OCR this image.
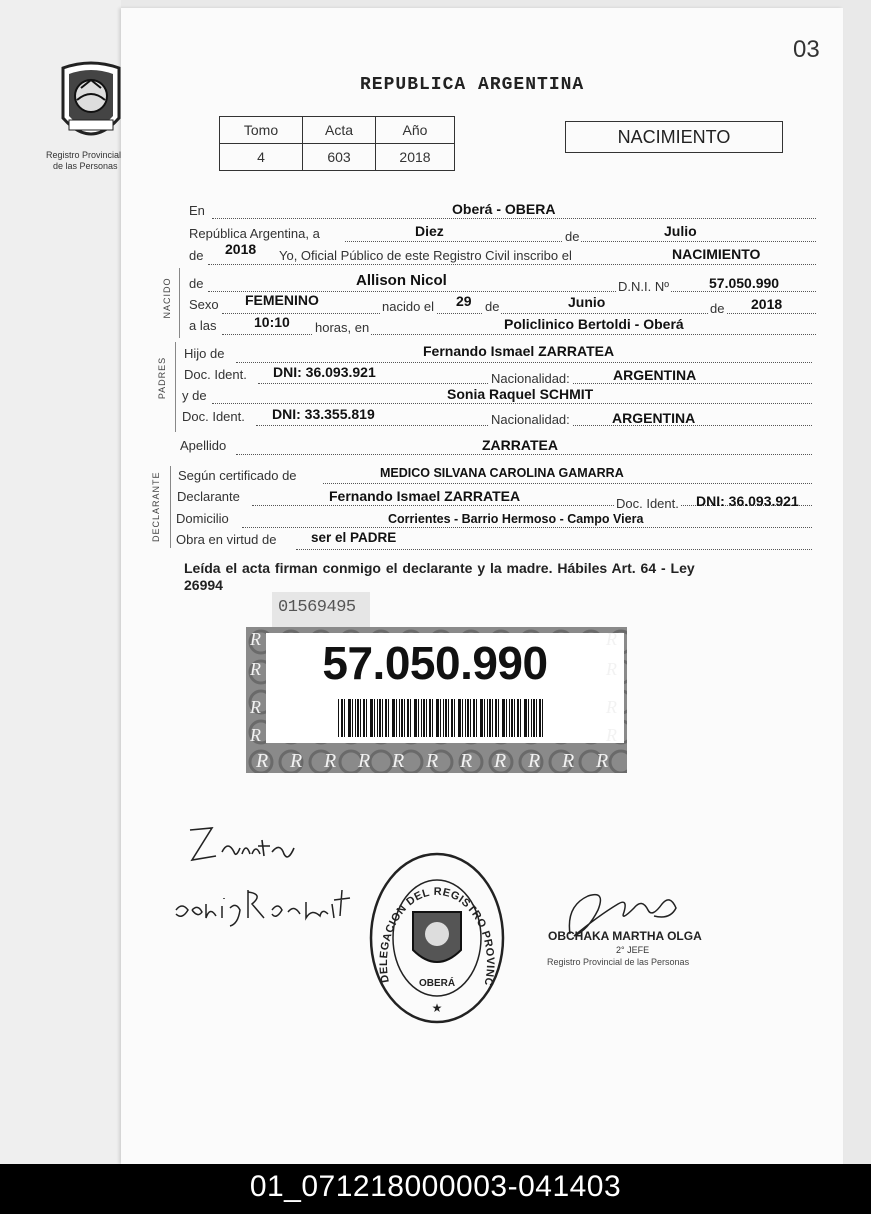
03
Registro Provincial
de las Personas
REPUBLICA ARGENTINA
Tomo	Acta	Año
4	603	2018
NACIMIENTO
En	Oberá - OBERA
República Argentina, a	Diez	de	Julio
de 2018 Yo, Oficial Público de este Registro Civil inscribo el	NACIMIENTO
NACIDO de	Allison Nicol	D.N.I. Nº	57.050.990
Sexo FEMENINO	nacido el 29 de	Junio	de 2018
a las	10:10 horas, en	Policlinico Bertoldi - Oberá
PADRES
Hijo de	Fernando Ismael ZARRATEA
Doc. Ident. DNI: 36.093.921	Nacionalidad:	ARGENTINA
y de	Sonia Raquel SCHMIT
Doc. Ident. DNI: 33.355.819	Nacionalidad:	ARGENTINA
Apellido	ZARRATEA
DECLARANTE Según certificado de	MEDICO SILVANA CAROLINA GAMARRA
Declarante	Fernando Ismael ZARRATEA	Doc. Ident. DNI: 36.093.921
Domicilio	Corrientes - Barrio Hermoso - Campo Viera
Obra en virtud de	ser el PADRE
Leída el acta firman conmigo el declarante y la madre. Hábiles Art. 64 - Ley
26994
01569495
R R R R R R R R R R R
R	R
R	R
R	R
R	R
57.050.990
DELEGACION DEL REGISTRO PROVINC
OBERÁ
★
OBCHAKA MARTHA OLGA
2° JEFE
Registro Provincial de las Personas
01_071218000003-041403
